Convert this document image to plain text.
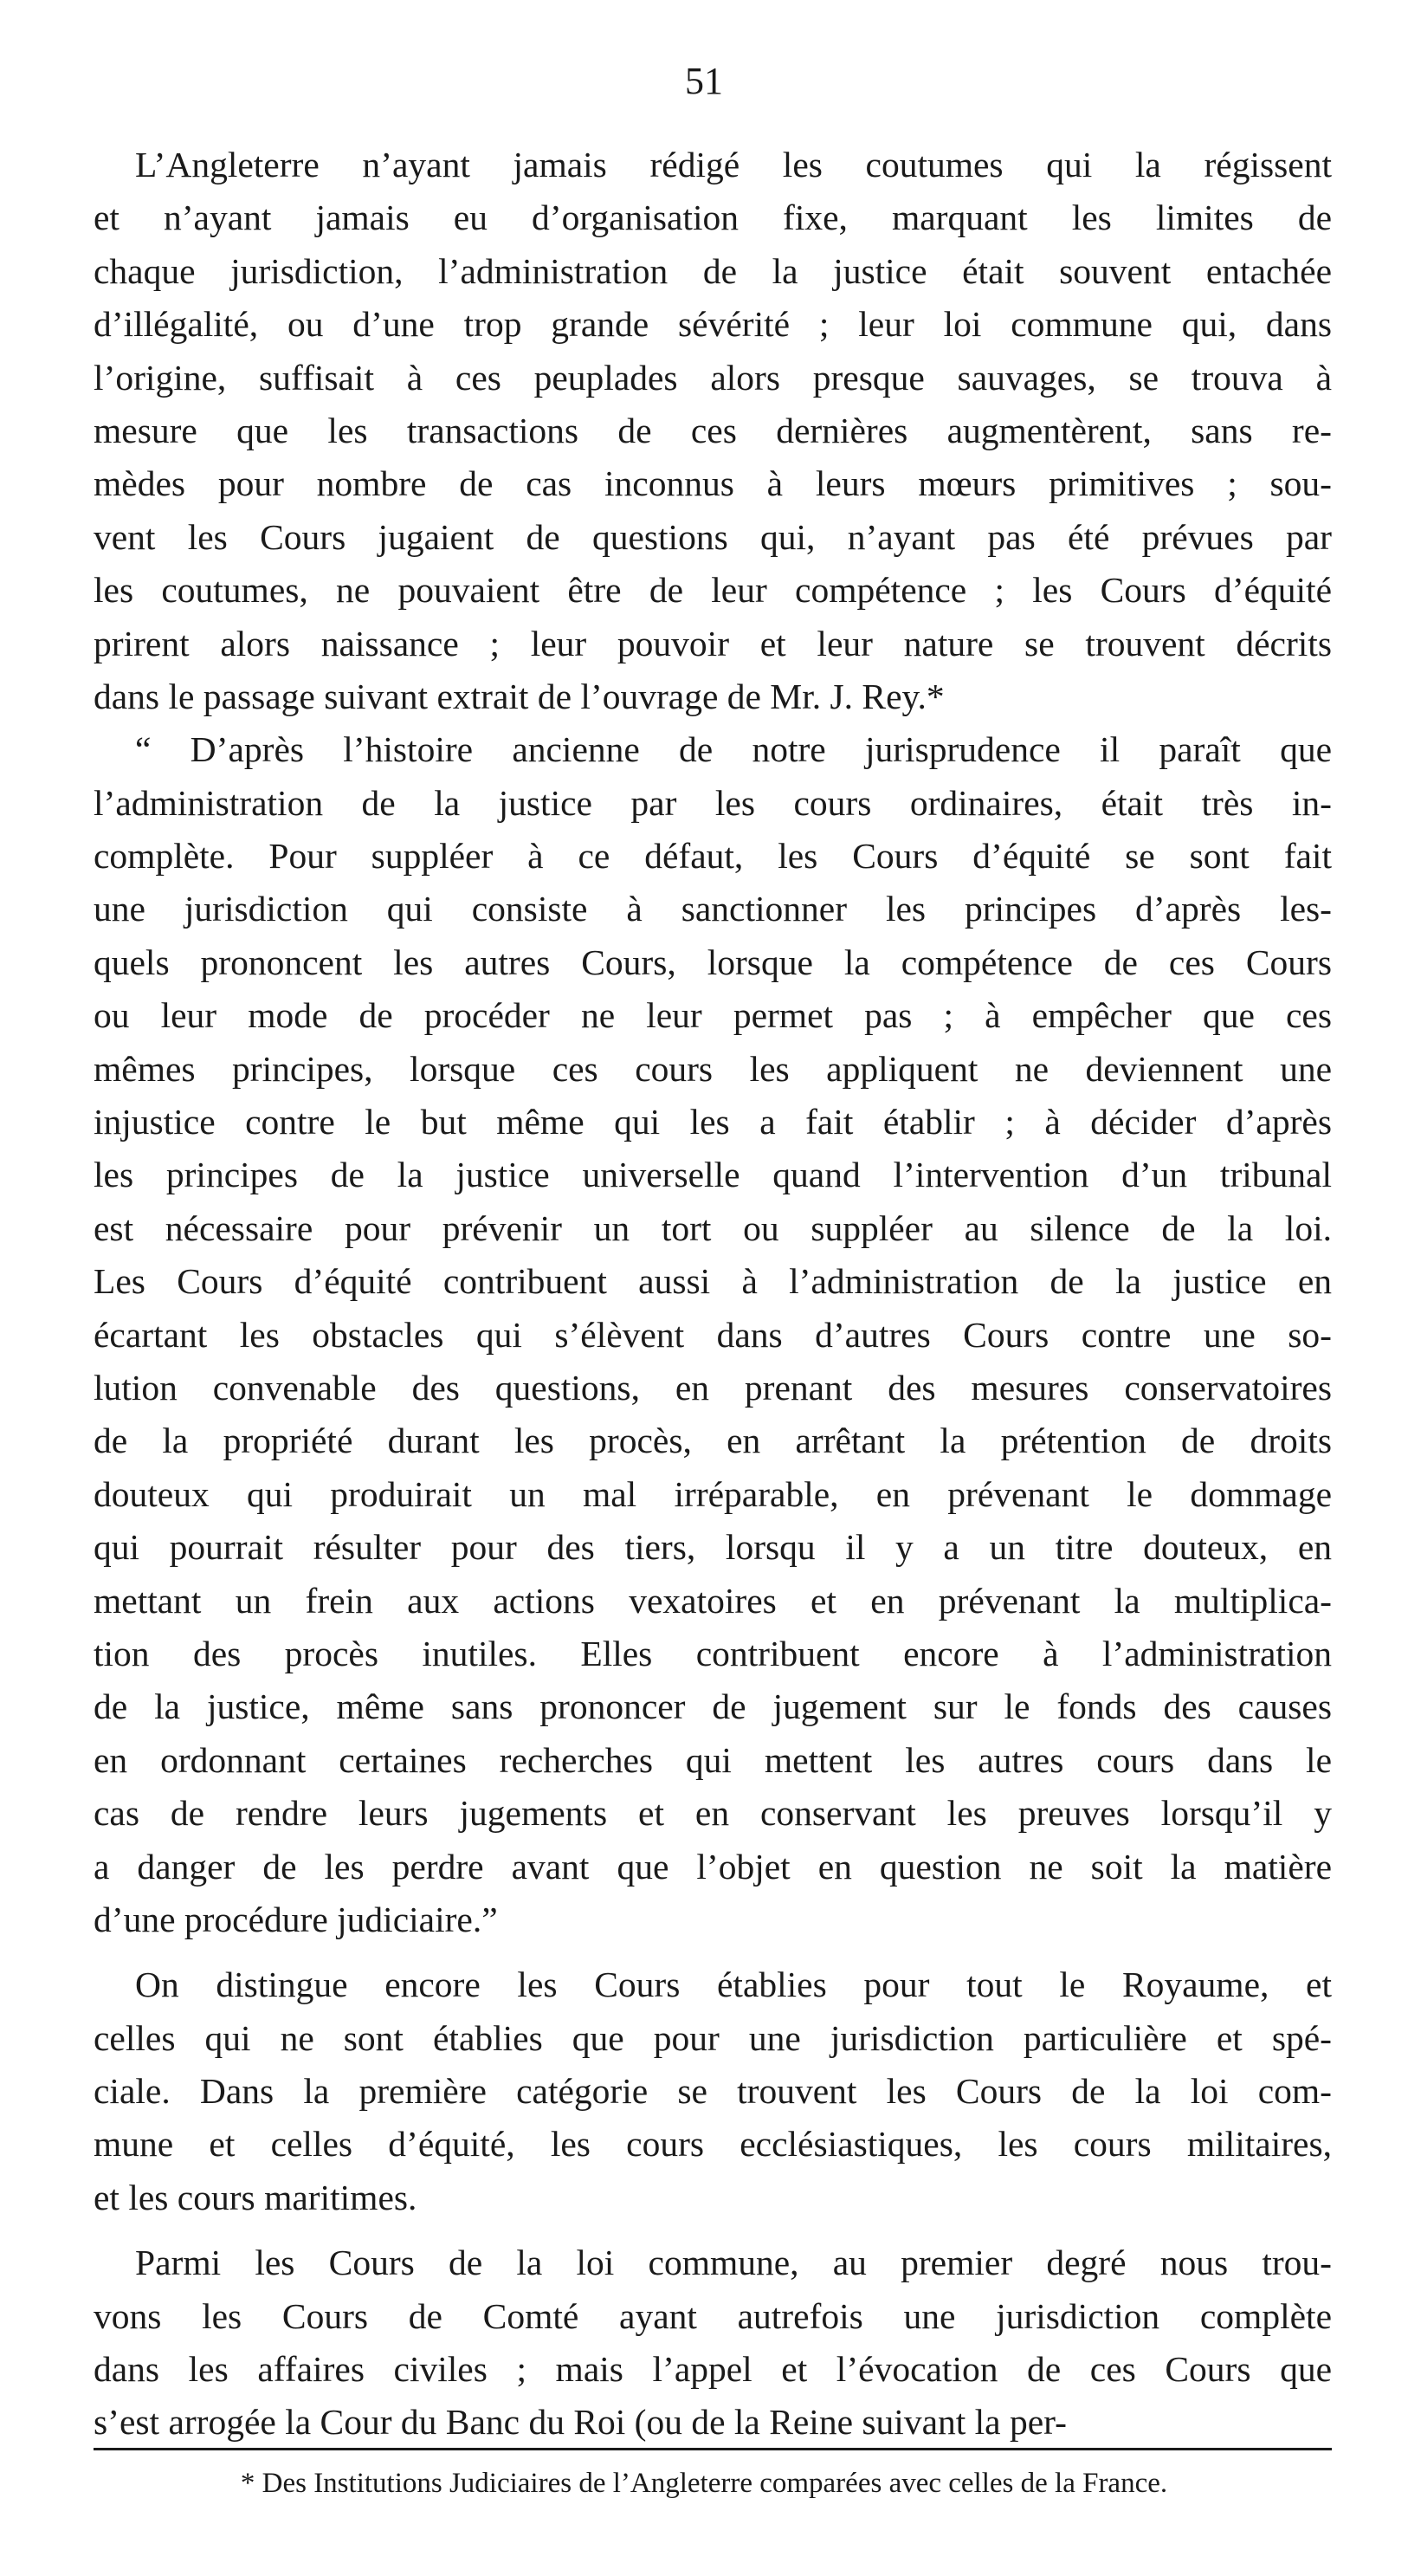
51
L’Angleterre n’ayant jamais rédigé les coutumes qui la régissent
et n’ayant jamais eu d’organisation fixe, marquant les limites de
chaque jurisdiction, l’administration de la justice était souvent entachée
d’illégalité, ou d’une trop grande sévérité ; leur loi commune qui, dans
l’origine, suffisait à ces peuplades alors presque sauvages, se trouva à
mesure que les transactions de ces dernières augmentèrent, sans re-
mèdes pour nombre de cas inconnus à leurs mœurs primitives ; sou-
vent les Cours jugaient de questions qui, n’ayant pas été prévues par
les coutumes, ne pouvaient être de leur compétence ; les Cours d’équité
prirent alors naissance ; leur pouvoir et leur nature se trouvent décrits
dans le passage suivant extrait de l’ouvrage de Mr. J. Rey.*
“ D’après l’histoire ancienne de notre jurisprudence il paraît que
l’administration de la justice par les cours ordinaires, était très in-
complète. Pour suppléer à ce défaut, les Cours d’équité se sont fait
une jurisdiction qui consiste à sanctionner les principes d’après les-
quels prononcent les autres Cours, lorsque la compétence de ces Cours
ou leur mode de procéder ne leur permet pas ; à empêcher que ces
mêmes principes, lorsque ces cours les appliquent ne deviennent une
injustice contre le but même qui les a fait établir ; à décider d’après
les principes de la justice universelle quand l’intervention d’un tribunal
est nécessaire pour prévenir un tort ou suppléer au silence de la loi.
Les Cours d’équité contribuent aussi à l’administration de la justice en
écartant les obstacles qui s’élèvent dans d’autres Cours contre une so-
lution convenable des questions, en prenant des mesures conservatoires
de la propriété durant les procès, en arrêtant la prétention de droits
douteux qui produirait un mal irréparable, en prévenant le dommage
qui pourrait résulter pour des tiers, lorsqu il y a un titre douteux, en
mettant un frein aux actions vexatoires et en prévenant la multiplica-
tion des procès inutiles. Elles contribuent encore à l’administration
de la justice, même sans prononcer de jugement sur le fonds des causes
en ordonnant certaines recherches qui mettent les autres cours dans le
cas de rendre leurs jugements et en conservant les preuves lorsqu’il y
a danger de les perdre avant que l’objet en question ne soit la matière
d’une procédure judiciaire.”
On distingue encore les Cours établies pour tout le Royaume, et
celles qui ne sont établies que pour une jurisdiction particulière et spé-
ciale. Dans la première catégorie se trouvent les Cours de la loi com-
mune et celles d’équité, les cours ecclésiastiques, les cours militaires,
et les cours maritimes.
Parmi les Cours de la loi commune, au premier degré nous trou-
vons les Cours de Comté ayant autrefois une jurisdiction complète
dans les affaires civiles ; mais l’appel et l’évocation de ces Cours que
s’est arrogée la Cour du Banc du Roi (ou de la Reine suivant la per-
* Des Institutions Judiciaires de l’Angleterre comparées avec celles de la France.
